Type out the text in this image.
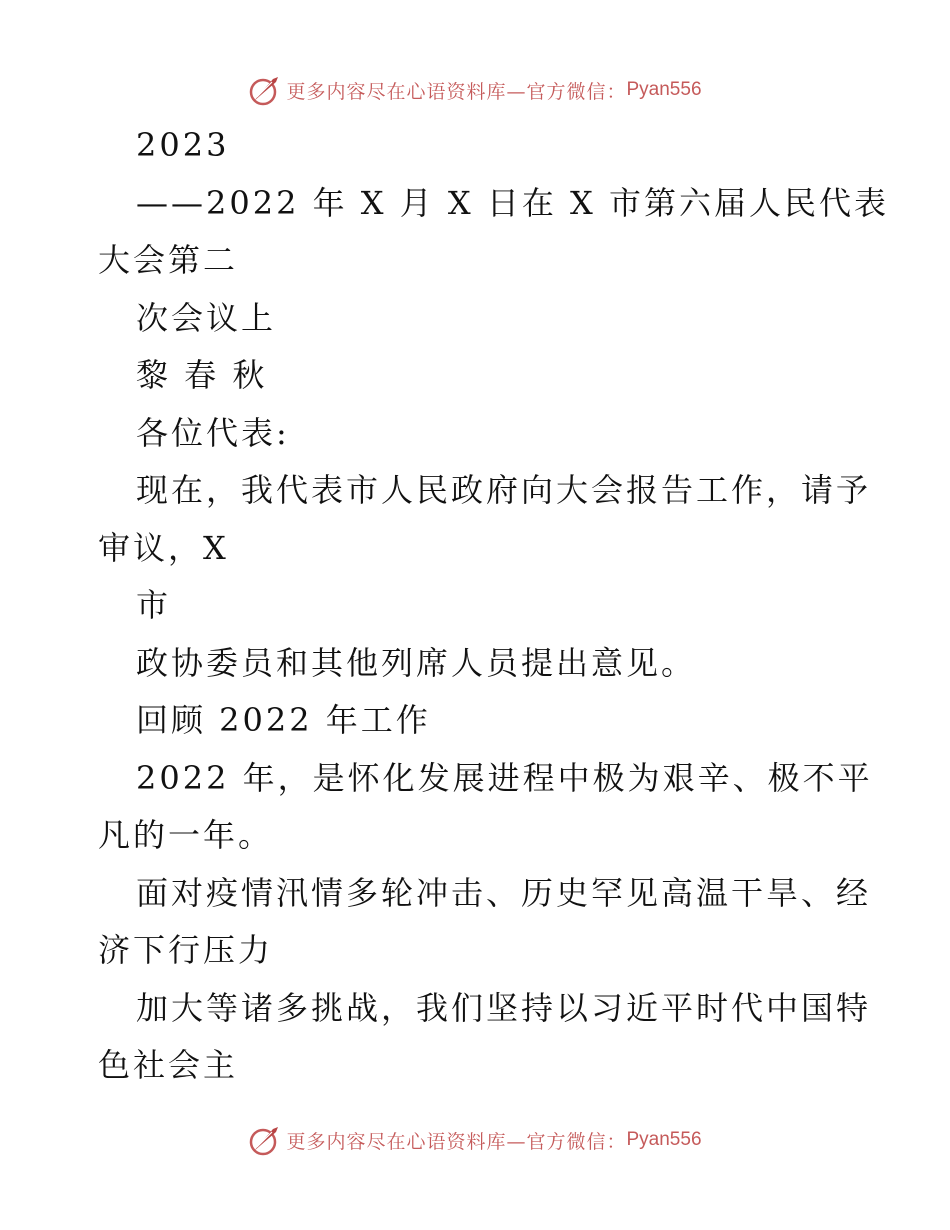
更多内容尽在心语资料库—官方微信： Pyan556
2023
——2022 年 X 月 X 日在 X 市第六届人民代表
大会第二
次会议上
黎 春 秋
各位代表:
现在，我代表市人民政府向大会报告工作，请予
审议，X
市
政协委员和其他列席人员提出意见。
回顾 2022 年工作
2022 年，是怀化发展进程中极为艰辛、极不平
凡的一年。
面对疫情汛情多轮冲击、历史罕见高温干旱、经
济下行压力
加大等诸多挑战，我们坚持以习近平时代中国特
色社会主
更多内容尽在心语资料库—官方微信： Pyan556
